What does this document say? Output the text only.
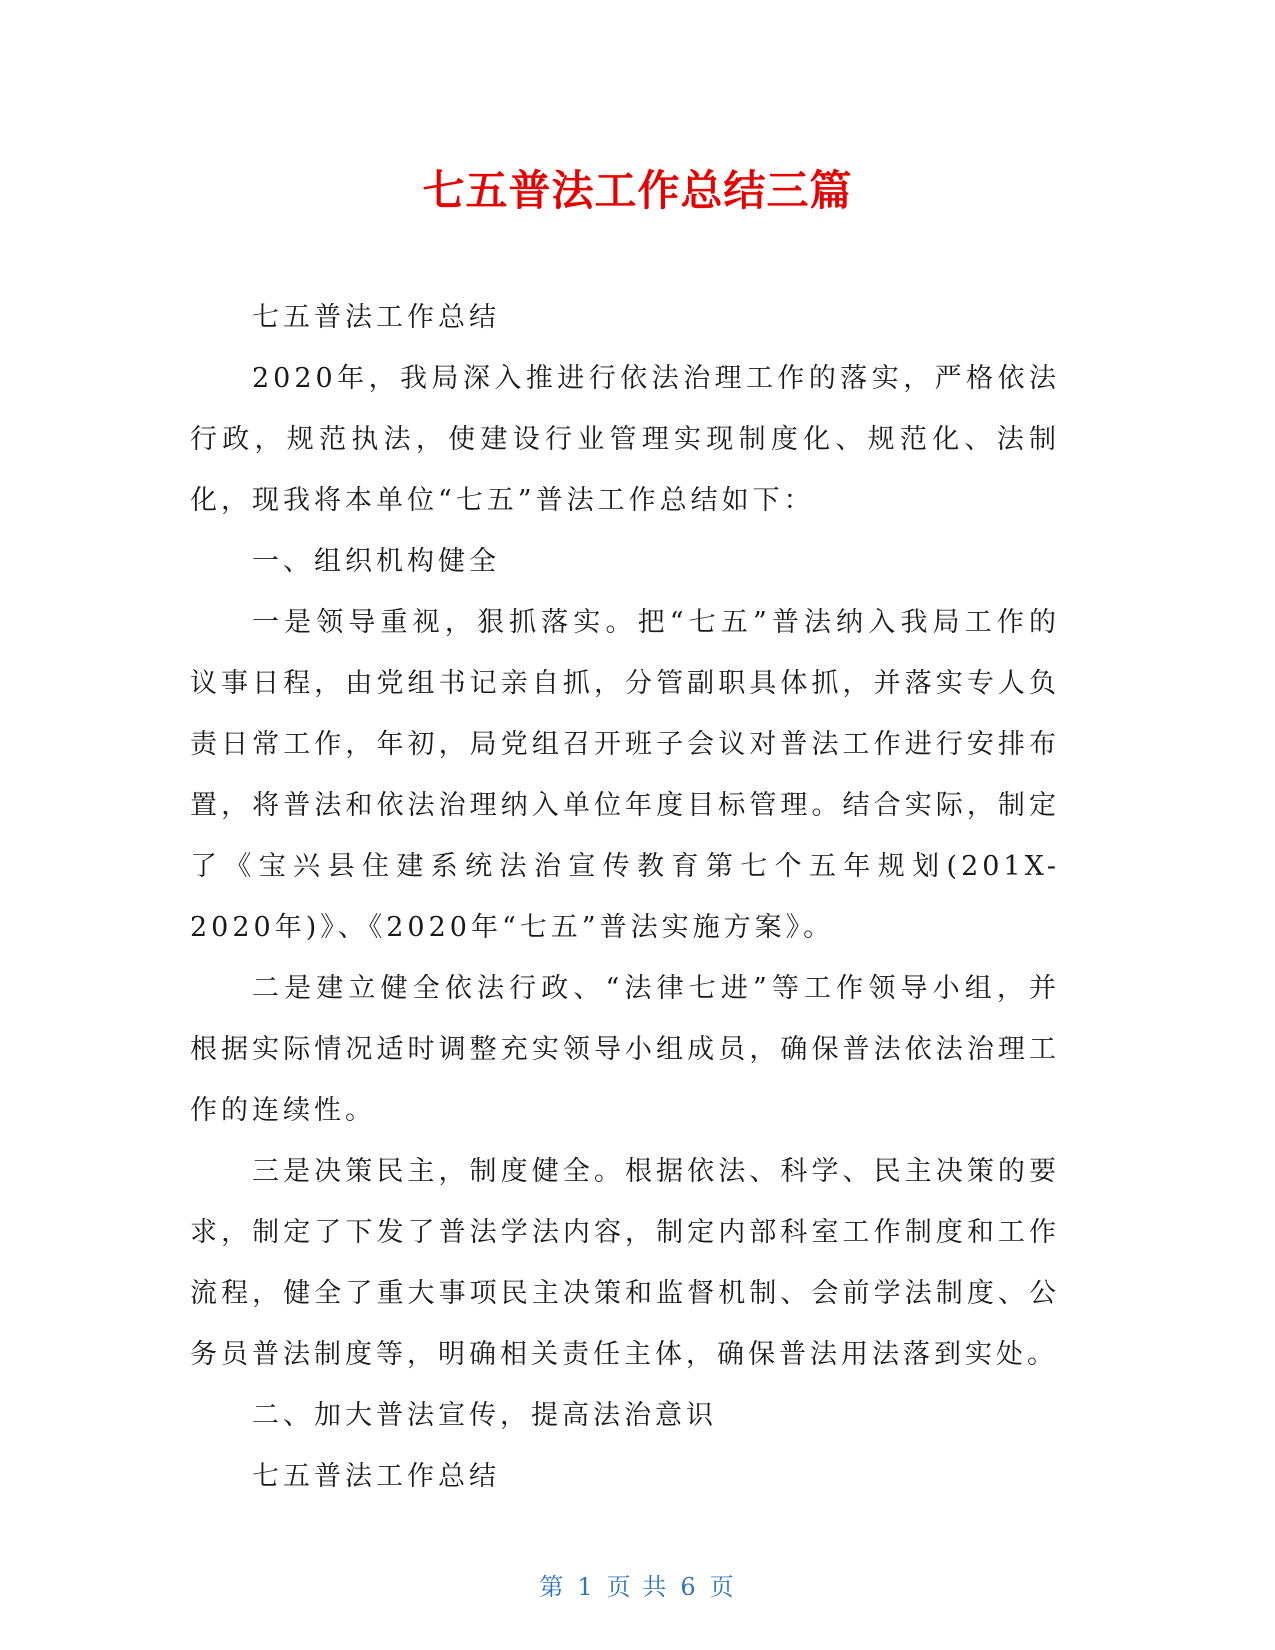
七五普法工作总结三篇

七五普法工作总结

2020年，我局深入推进行依法治理工作的落实，严格依法行政，规范执法，使建设行业管理实现制度化、规范化、法制化，现我将本单位“七五”普法工作总结如下：

一、组织机构健全

一是领导重视，狠抓落实。把“七五”普法纳入我局工作的议事日程，由党组书记亲自抓，分管副职具体抓，并落实专人负责日常工作，年初，局党组召开班子会议对普法工作进行安排布置，将普法和依法治理纳入单位年度目标管理。结合实际，制定了《宝兴县住建系统法治宣传教育第七个五年规划(201X-2020年)》、《2020年“七五”普法实施方案》。

二是建立健全依法行政、“法律七进”等工作领导小组，并根据实际情况适时调整充实领导小组成员，确保普法依法治理工作的连续性。

三是决策民主，制度健全。根据依法、科学、民主决策的要求，制定了下发了普法学法内容，制定内部科室工作制度和工作流程，健全了重大事项民主决策和监督机制、会前学法制度、公务员普法制度等，明确相关责任主体，确保普法用法落到实处。

二、加大普法宣传，提高法治意识

七五普法工作总结

第 1 页 共 6 页
